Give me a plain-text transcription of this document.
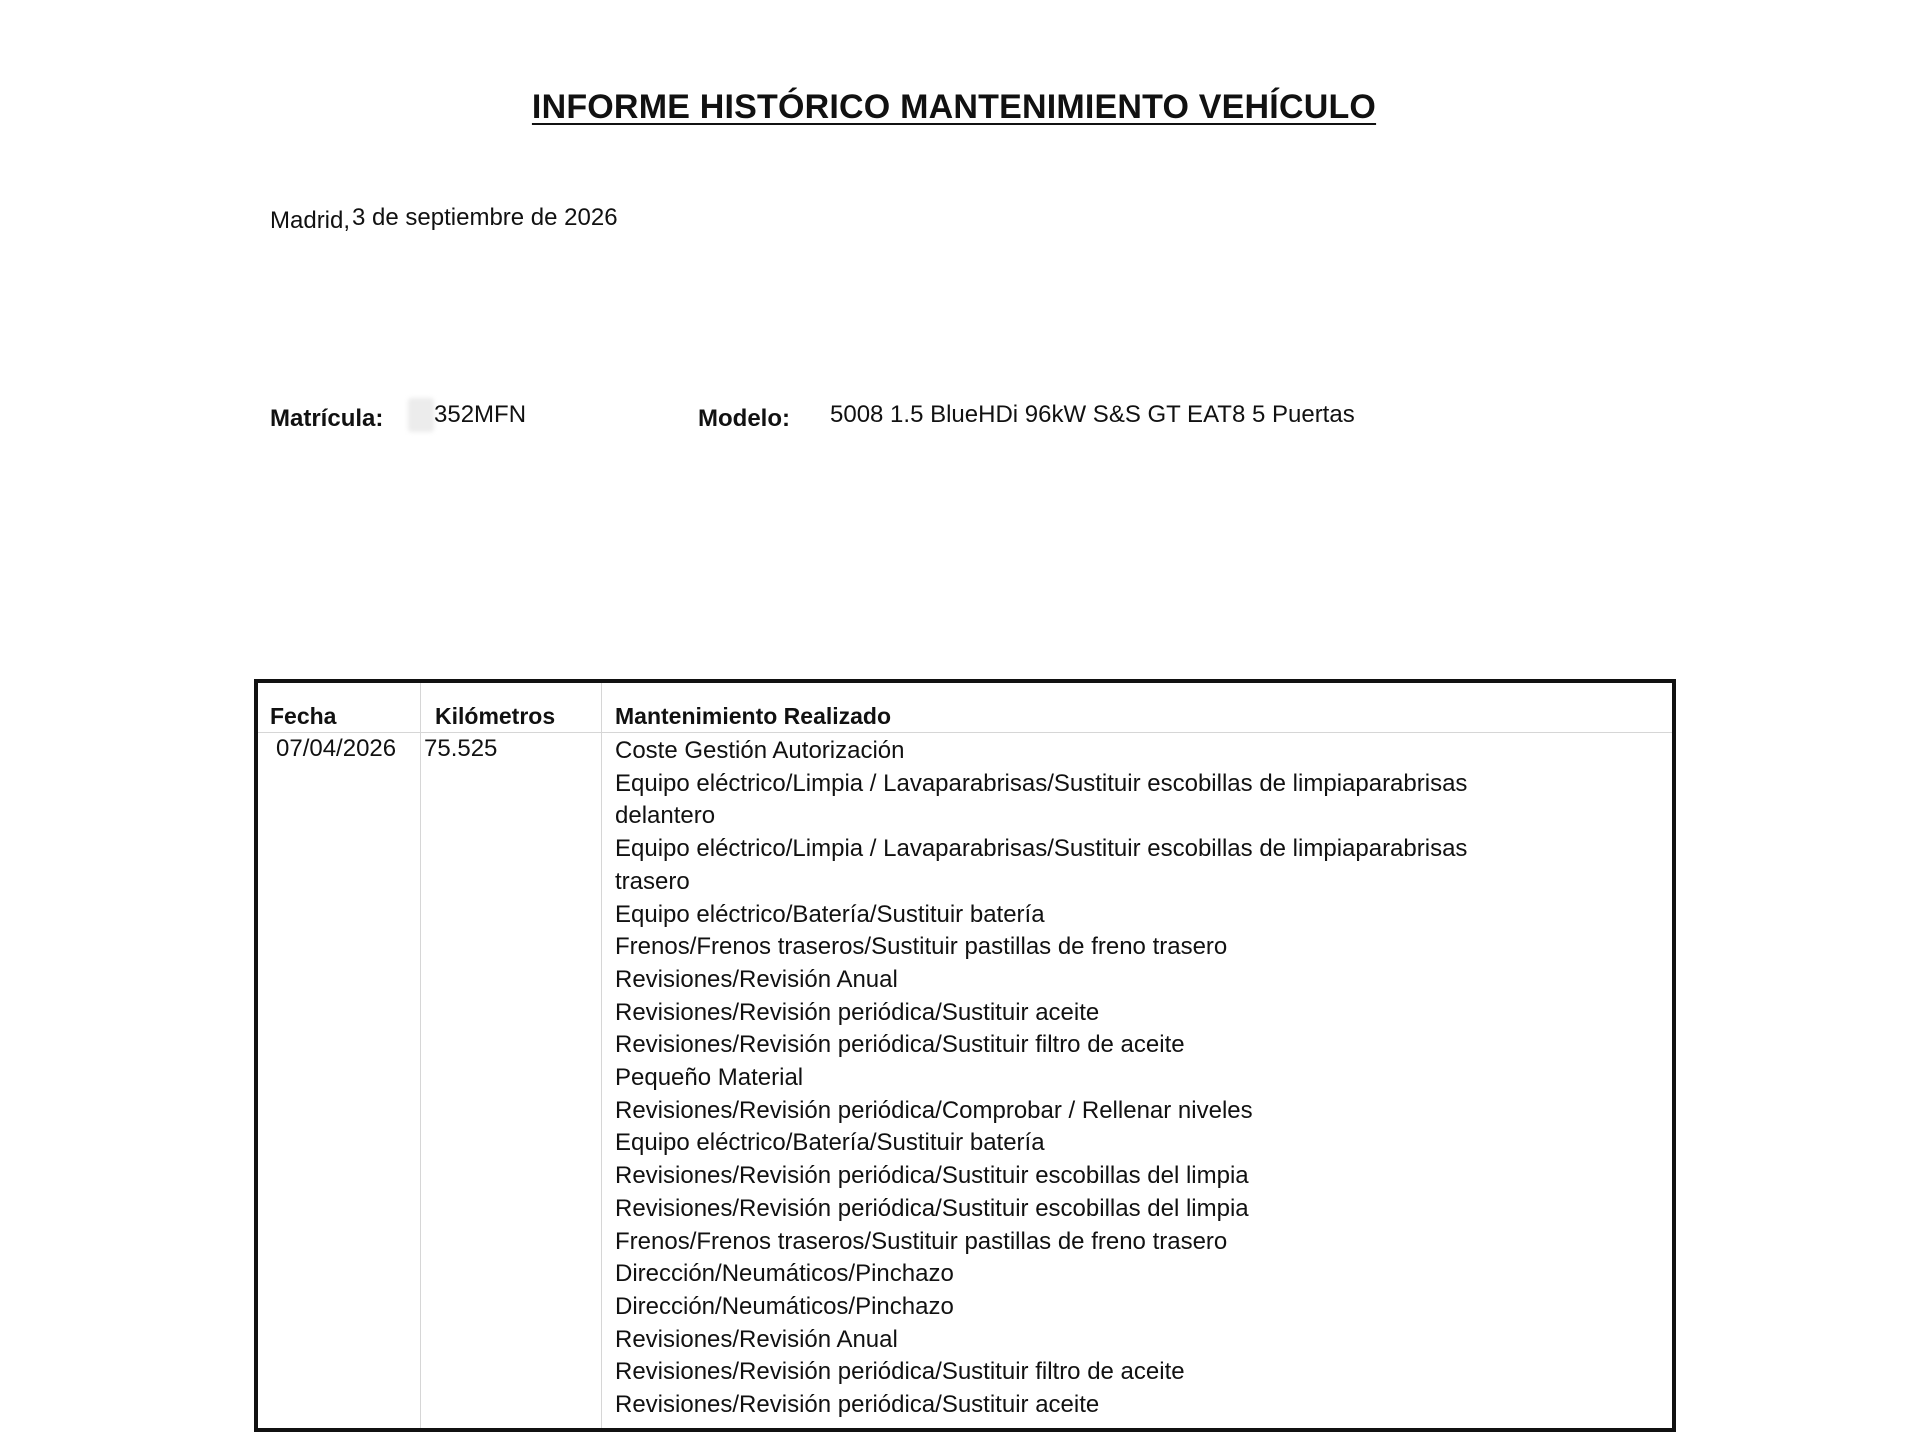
INFORME HISTÓRICO MANTENIMIENTO VEHÍCULO
Madrid,3 de septiembre de 2026
Matrícula: 352MFN	Modelo: 5008 1.5 BlueHDi 96kW S&S GT EAT8 5 Puertas
Fecha	Kilómetros	Mantenimiento Realizado
07/04/2026 75.525	Coste Gestión Autorización
Equipo eléctrico/Limpia / Lavaparabrisas/Sustituir escobillas de limpiaparabrisas
delantero
Equipo eléctrico/Limpia / Lavaparabrisas/Sustituir escobillas de limpiaparabrisas
trasero
Equipo eléctrico/Batería/Sustituir batería
Frenos/Frenos traseros/Sustituir pastillas de freno trasero
Revisiones/Revisión Anual
Revisiones/Revisión periódica/Sustituir aceite
Revisiones/Revisión periódica/Sustituir filtro de aceite
Pequeño Material
Revisiones/Revisión periódica/Comprobar / Rellenar niveles
Equipo eléctrico/Batería/Sustituir batería
Revisiones/Revisión periódica/Sustituir escobillas del limpia
Revisiones/Revisión periódica/Sustituir escobillas del limpia
Frenos/Frenos traseros/Sustituir pastillas de freno trasero
Dirección/Neumáticos/Pinchazo
Dirección/Neumáticos/Pinchazo
Revisiones/Revisión Anual
Revisiones/Revisión periódica/Sustituir filtro de aceite
Revisiones/Revisión periódica/Sustituir aceite
